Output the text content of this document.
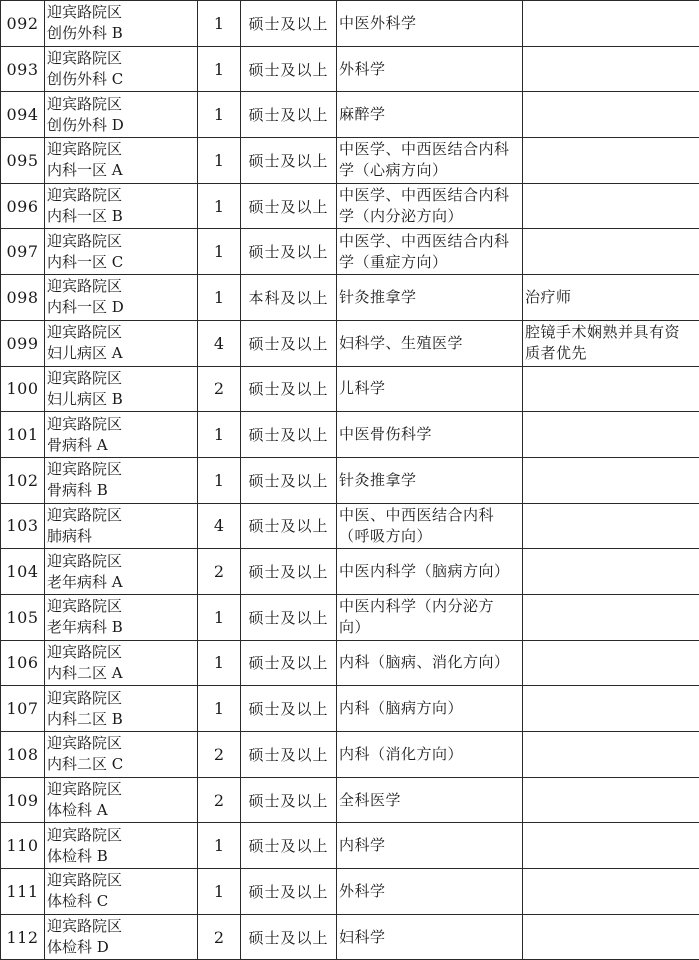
092	迎宾路院区
创伤外科 B	1	硕士及以上	中医外科学	

093	迎宾路院区
创伤外科 C	1	硕士及以上	外科学	

094	迎宾路院区
创伤外科 D	1	硕士及以上	麻醉学	

095	迎宾路院区
内科一区 A	1	硕士及以上	中医学、中西医结合内科
学（心病方向）	

096	迎宾路院区
内科一区 B	1	硕士及以上	中医学、中西医结合内科
学（内分泌方向）	

097	迎宾路院区
内科一区 C	1	硕士及以上	中医学、中西医结合内科
学（重症方向）	

098	迎宾路院区
内科一区 D	1	本科及以上	针灸推拿学	治疗师

099	迎宾路院区
妇儿病区 A	4	硕士及以上	妇科学、生殖医学	腔镜手术娴熟并具有资
质者优先

100	迎宾路院区
妇儿病区 B	2	硕士及以上	儿科学	

101	迎宾路院区
骨病科 A	1	硕士及以上	中医骨伤科学	

102	迎宾路院区
骨病科 B	1	硕士及以上	针灸推拿学	

103	迎宾路院区
肺病科	4	硕士及以上	中医、中西医结合内科
（呼吸方向）	

104	迎宾路院区
老年病科 A	2	硕士及以上	中医内科学（脑病方向）	

105	迎宾路院区
老年病科 B	1	硕士及以上	中医内科学（内分泌方
向）	

106	迎宾路院区
内科二区 A	1	硕士及以上	内科（脑病、消化方向）	

107	迎宾路院区
内科二区 B	1	硕士及以上	内科（脑病方向）	

108	迎宾路院区
内科二区 C	2	硕士及以上	内科（消化方向）	

109	迎宾路院区
体检科 A	2	硕士及以上	全科医学	

110	迎宾路院区
体检科 B	1	硕士及以上	内科学	

111	迎宾路院区
体检科 C	1	硕士及以上	外科学	

112	迎宾路院区
体检科 D	2	硕士及以上	妇科学	
